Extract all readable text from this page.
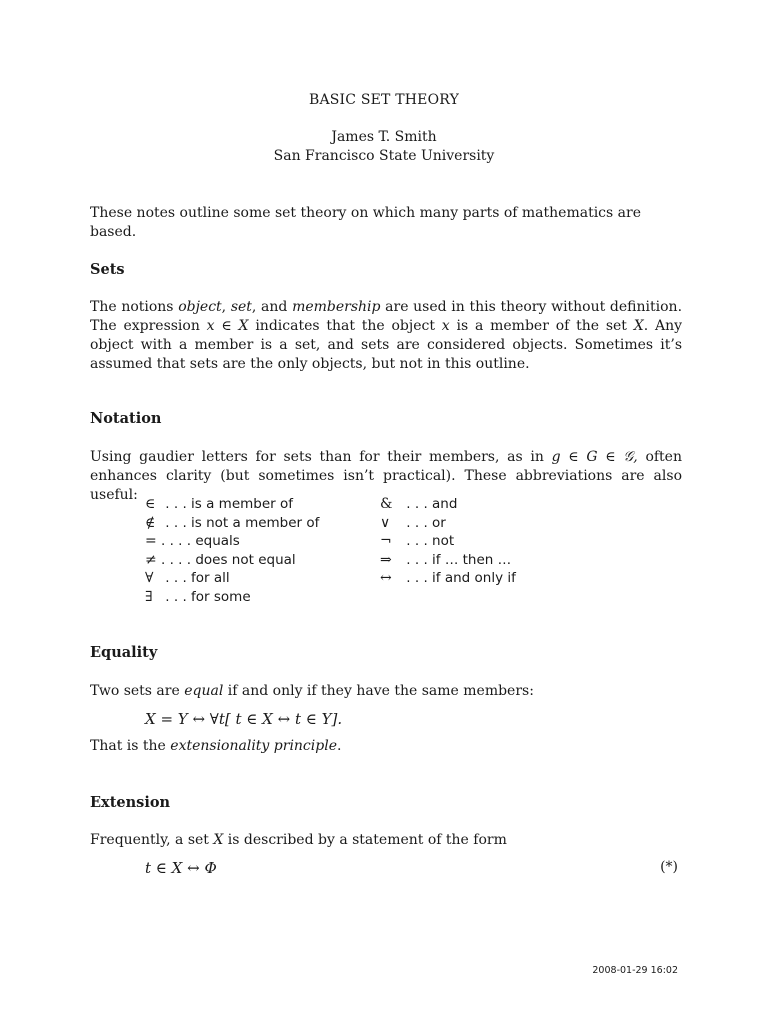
BASIC SET THEORY
James T. Smith
San Francisco State University

These notes outline some set theory on which many parts of mathematics are based.

Sets

The notions object, set, and membership are used in this theory without definition. The expression x ∈ X indicates that the object x is a member of the set X. Any object with a member is a set, and sets are considered objects. Sometimes it’s assumed that sets are the only objects, but not in this outline.

Notation

Using gaudier letters for sets than for their members, as in g ∈ G ∈ 𝒢, often enhances clarity (but sometimes isn’t practical). These abbreviations are also useful:

∈ . . . is a member of
∉ . . . is not a member of
= . . . . equals
≠ . . . . does not equal
∀ . . . for all
∃ . . . for some
& . . . and
∨ . . . or
¬ . . . not
⇒ . . . if … then …
↔ . . . if and only if
Equality

Two sets are equal if and only if they have the same members:

X = Y ↔ ∀t[ t ∈ X ↔ t ∈ Y].

That is the extensionality principle.

Extension

Frequently, a set X is described by a statement of the form

t ∈ X ↔ Φ	(*)
2008-01-29 16:02
